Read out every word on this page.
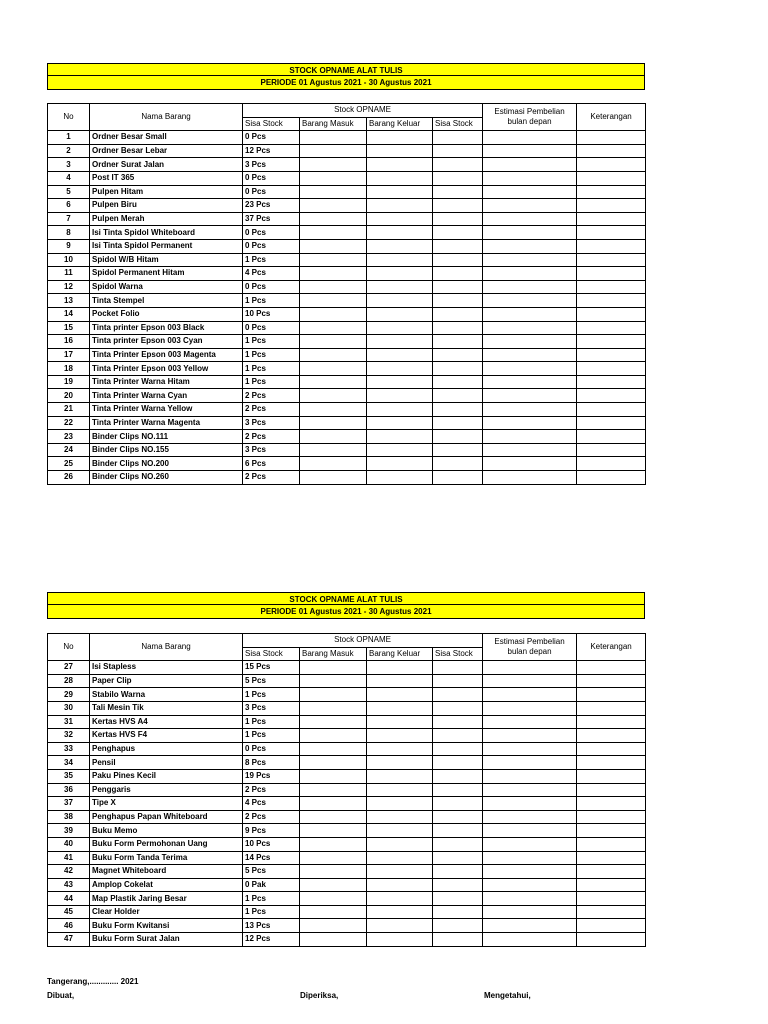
STOCK OPNAME ALAT TULIS
PERIODE 01 Agustus 2021 - 30 Agustus 2021
No	Nama Barang	Stock OPNAME				Estimasi Pembelian bulan depan	Keterangan
		Sisa Stock	Barang Masuk	Barang Keluar	Sisa Stock		
1	Ordner Besar Small	0 Pcs					
2	Ordner Besar Lebar	12 Pcs					
3	Ordner Surat Jalan	3 Pcs					
4	Post IT 365	0 Pcs					
5	Pulpen Hitam	0 Pcs					
6	Pulpen Biru	23 Pcs					
7	Pulpen Merah	37 Pcs					
8	Isi Tinta Spidol Whiteboard	0 Pcs					
9	Isi Tinta Spidol Permanent	0 Pcs					
10	Spidol W/B Hitam	1 Pcs					
11	Spidol Permanent Hitam	4 Pcs					
12	Spidol Warna	0 Pcs					
13	Tinta Stempel	1 Pcs					
14	Pocket Folio	10 Pcs					
15	Tinta printer Epson 003 Black	0 Pcs					
16	Tinta printer Epson 003 Cyan	1 Pcs					
17	Tinta Printer Epson 003 Magenta	1 Pcs					
18	Tinta Printer Epson 003 Yellow	1 Pcs					
19	Tinta Printer Warna Hitam	1 Pcs					
20	Tinta Printer Warna Cyan	2 Pcs					
21	Tinta Printer Warna Yellow	2 Pcs					
22	Tinta Printer Warna Magenta	3 Pcs					
23	Binder Clips NO.111	2 Pcs					
24	Binder Clips NO.155	3 Pcs					
25	Binder Clips NO.200	6 Pcs					
26	Binder Clips NO.260	2 Pcs					
STOCK OPNAME ALAT TULIS
PERIODE 01 Agustus 2021 - 30 Agustus 2021
No	Nama Barang	Stock OPNAME				Estimasi Pembelian bulan depan	Keterangan
		Sisa Stock	Barang Masuk	Barang Keluar	Sisa Stock		
27	Isi Stapless	15 Pcs					
28	Paper Clip	5 Pcs					
29	Stabilo Warna	1 Pcs					
30	Tali Mesin Tik	3 Pcs					
31	Kertas HVS A4	1 Pcs					
32	Kertas HVS F4	1 Pcs					
33	Penghapus	0 Pcs					
34	Pensil	8 Pcs					
35	Paku Pines Kecil	19 Pcs					
36	Penggaris	2 Pcs					
37	Tipe X	4 Pcs					
38	Penghapus Papan Whiteboard	2 Pcs					
39	Buku Memo	9 Pcs					
40	Buku Form Permohonan Uang	10 Pcs					
41	Buku Form Tanda Terima	14 Pcs					
42	Magnet Whiteboard	5 Pcs					
43	Amplop Cokelat	0 Pak					
44	Map Plastik Jaring Besar	1 Pcs					
45	Clear Holder	1 Pcs					
46	Buku Form Kwitansi	13 Pcs					
47	Buku Form Surat Jalan	12 Pcs					
Tangerang,............. 2021
Dibuat,	Diperiksa,	Mengetahui,
